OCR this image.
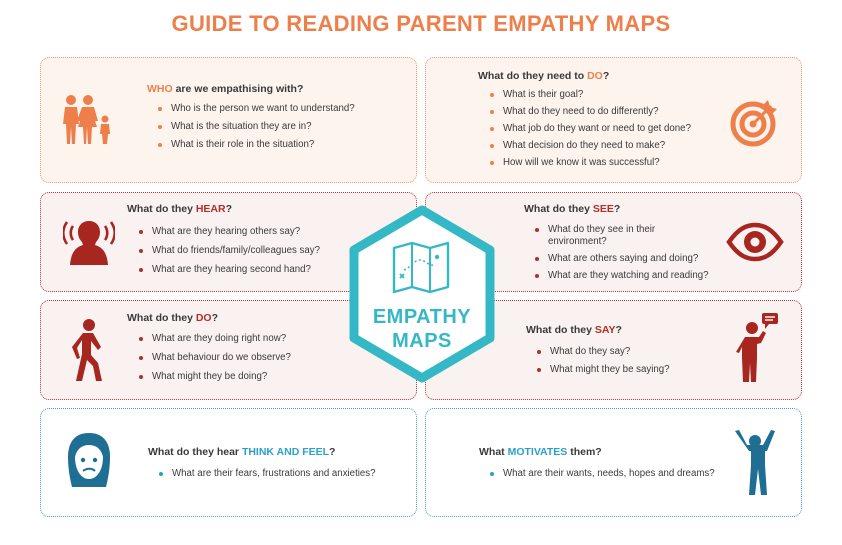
GUIDE TO READING PARENT EMPATHY MAPS
WHO are we empathising with?
Who is the person we want to understand?
What is the situation they are in?
What is their role in the situation?
What do they need to DO?
What is their goal?
What do they need to do differently?
What job do they want or need to get done?
What decision do they need to make?
How will we know it was successful?
What do they HEAR?
What are they hearing others say?
What do friends/family/colleagues say?
What are they hearing second hand?
What do they SEE?
What do they see in their environment?
What are others saying and doing?
What are they watching and reading?
What do they DO?
What are they doing right now?
What behaviour do we observe?
What might they be doing?
What do they SAY?
What do they say?
What might they be saying?
What do they hear THINK AND FEEL?
What are their fears, frustrations and anxieties?
What MOTIVATES them?
What are their wants, needs, hopes and dreams?
EMPATHY
MAPS
